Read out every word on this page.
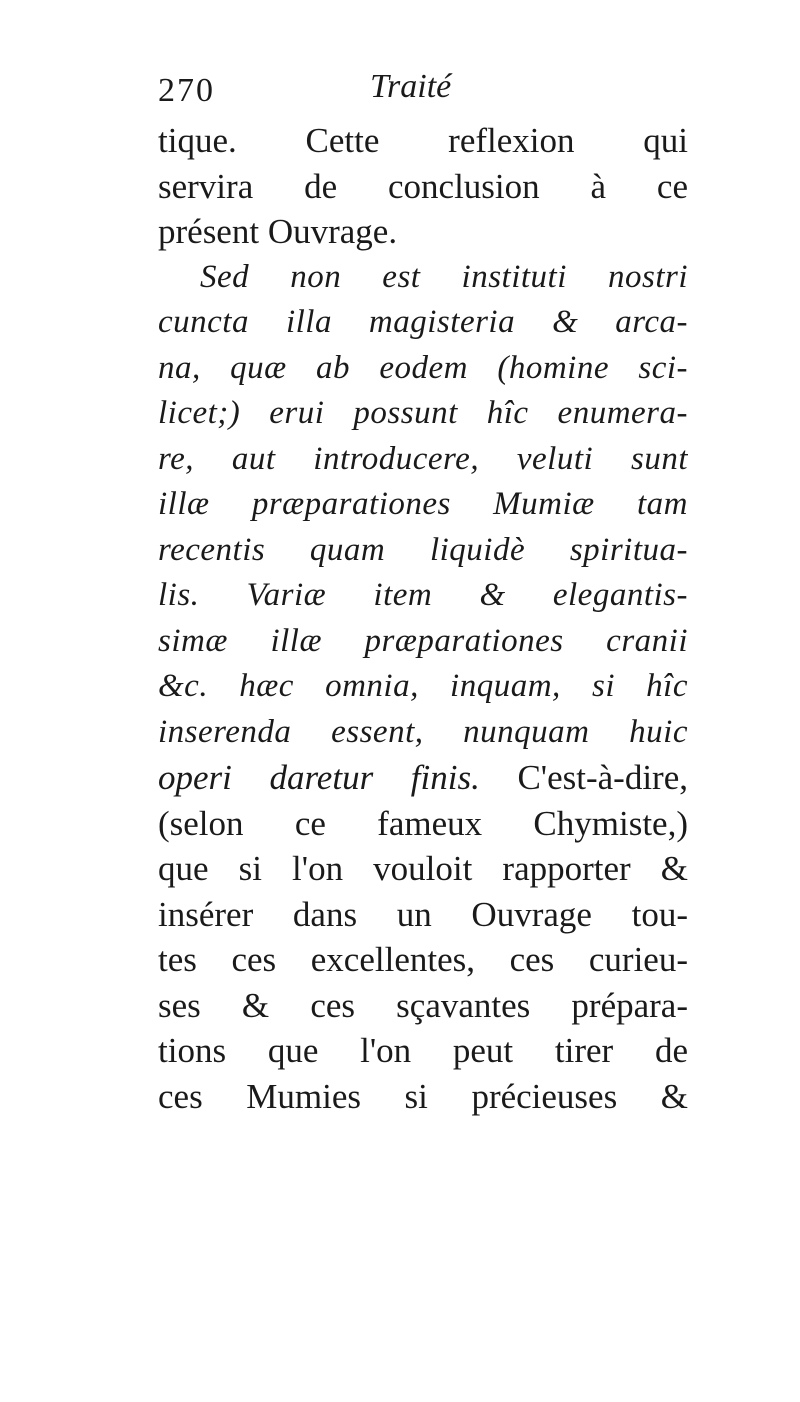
270	Traité
tique. Cette reflexion qui
servira de conclusion à ce
présent Ouvrage.
Sed non est instituti nostri
cuncta illa magisteria & arca-
na, quæ ab eodem (homine sci-
licet;) erui possunt hîc enumera-
re, aut introducere, veluti sunt
illæ præparationes Mumiæ tam
recentis quam liquidè spiritua-
lis. Variæ item & elegantis-
simæ illæ præparationes cranii
&c. hæc omnia, inquam, si hîc
inserenda essent, nunquam huic
operi daretur finis. C'est-à-dire,
(selon ce fameux Chymiste,)
que si l'on vouloit rapporter &
insérer dans un Ouvrage tou-
tes ces excellentes, ces curieu-
ses & ces sçavantes prépara-
tions que l'on peut tirer de
ces Mumies si précieuses &
